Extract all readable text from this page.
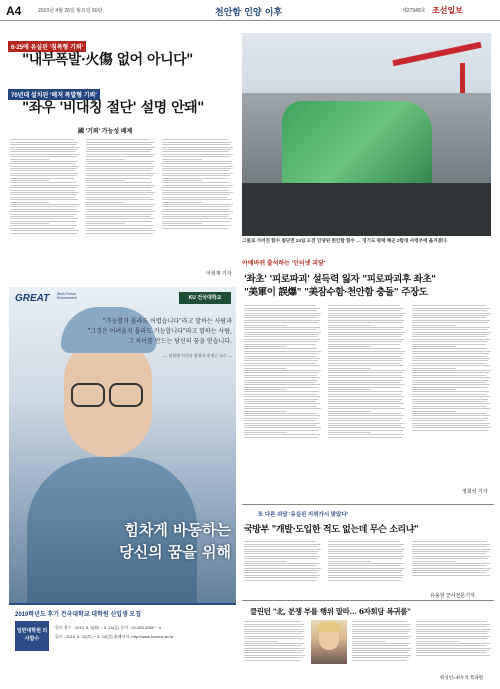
A4	2010년 4월 26일 월요일 50판	천안함 인양 이후	제27948호 조선일보
6·25에 유실된 '침폭형 기뢰'
"내부폭발·火傷 없어 아니다"
70년대 설치된 '해저 폭발형 기뢰'
"좌우 '비대칭 절단' 설명 안돼"
國 '기뢰' 가능성 배제
이위재 기자
그물로 가려진 함수 절단면 24일 오전 인양된 천안함 함수 … 경기도 평택 해군 2함대 사령부에 옮겨졌다.
GREAT Work Power Environment	KU 건국대학교
"가능할거 몰라도 어렵습니다"라고 말하는 사람과
"그것은 어려울지 몰라도 가능합니다"라고 말하는 사람,
그 차이를 만드는 당신의 꿈을 믿습니다.
— 심장병 이식의 권위자 송명근 교수 —
힘차게 바동하는
당신의 꿈을 위해
2010학년도 후기 건국대학교 대학원 신입생 모집
일반대학원 의사합수
원서 접수 : 2010. 5. 3(월) ~ 5. 14(금) 문의 : 02-450-3060 ~ 4
입시 : 2010. 5. 22(토) ~ 5. 23(일) 홈페이지: http://www.konkuk.ac.kr
아예바뀌 출석하는 '인터넷 괴담'
'좌초' '피로파괴' 설득력 잃자 "피로파괴후 좌초"
"美軍이 誤爆" "美잠수함·천안함 충돌" 주장도
정희석 기자
또 다른 괴담 '유실된 지뢰가시 맞았다'
국방부 "개발·도입한 적도 없는데 무슨 소리냐"
유용원 군사전문기자
클린턴 "北, 분쟁 부를 행위 말라… 6자회담 복귀를"
워싱턴=최우석 특파원
